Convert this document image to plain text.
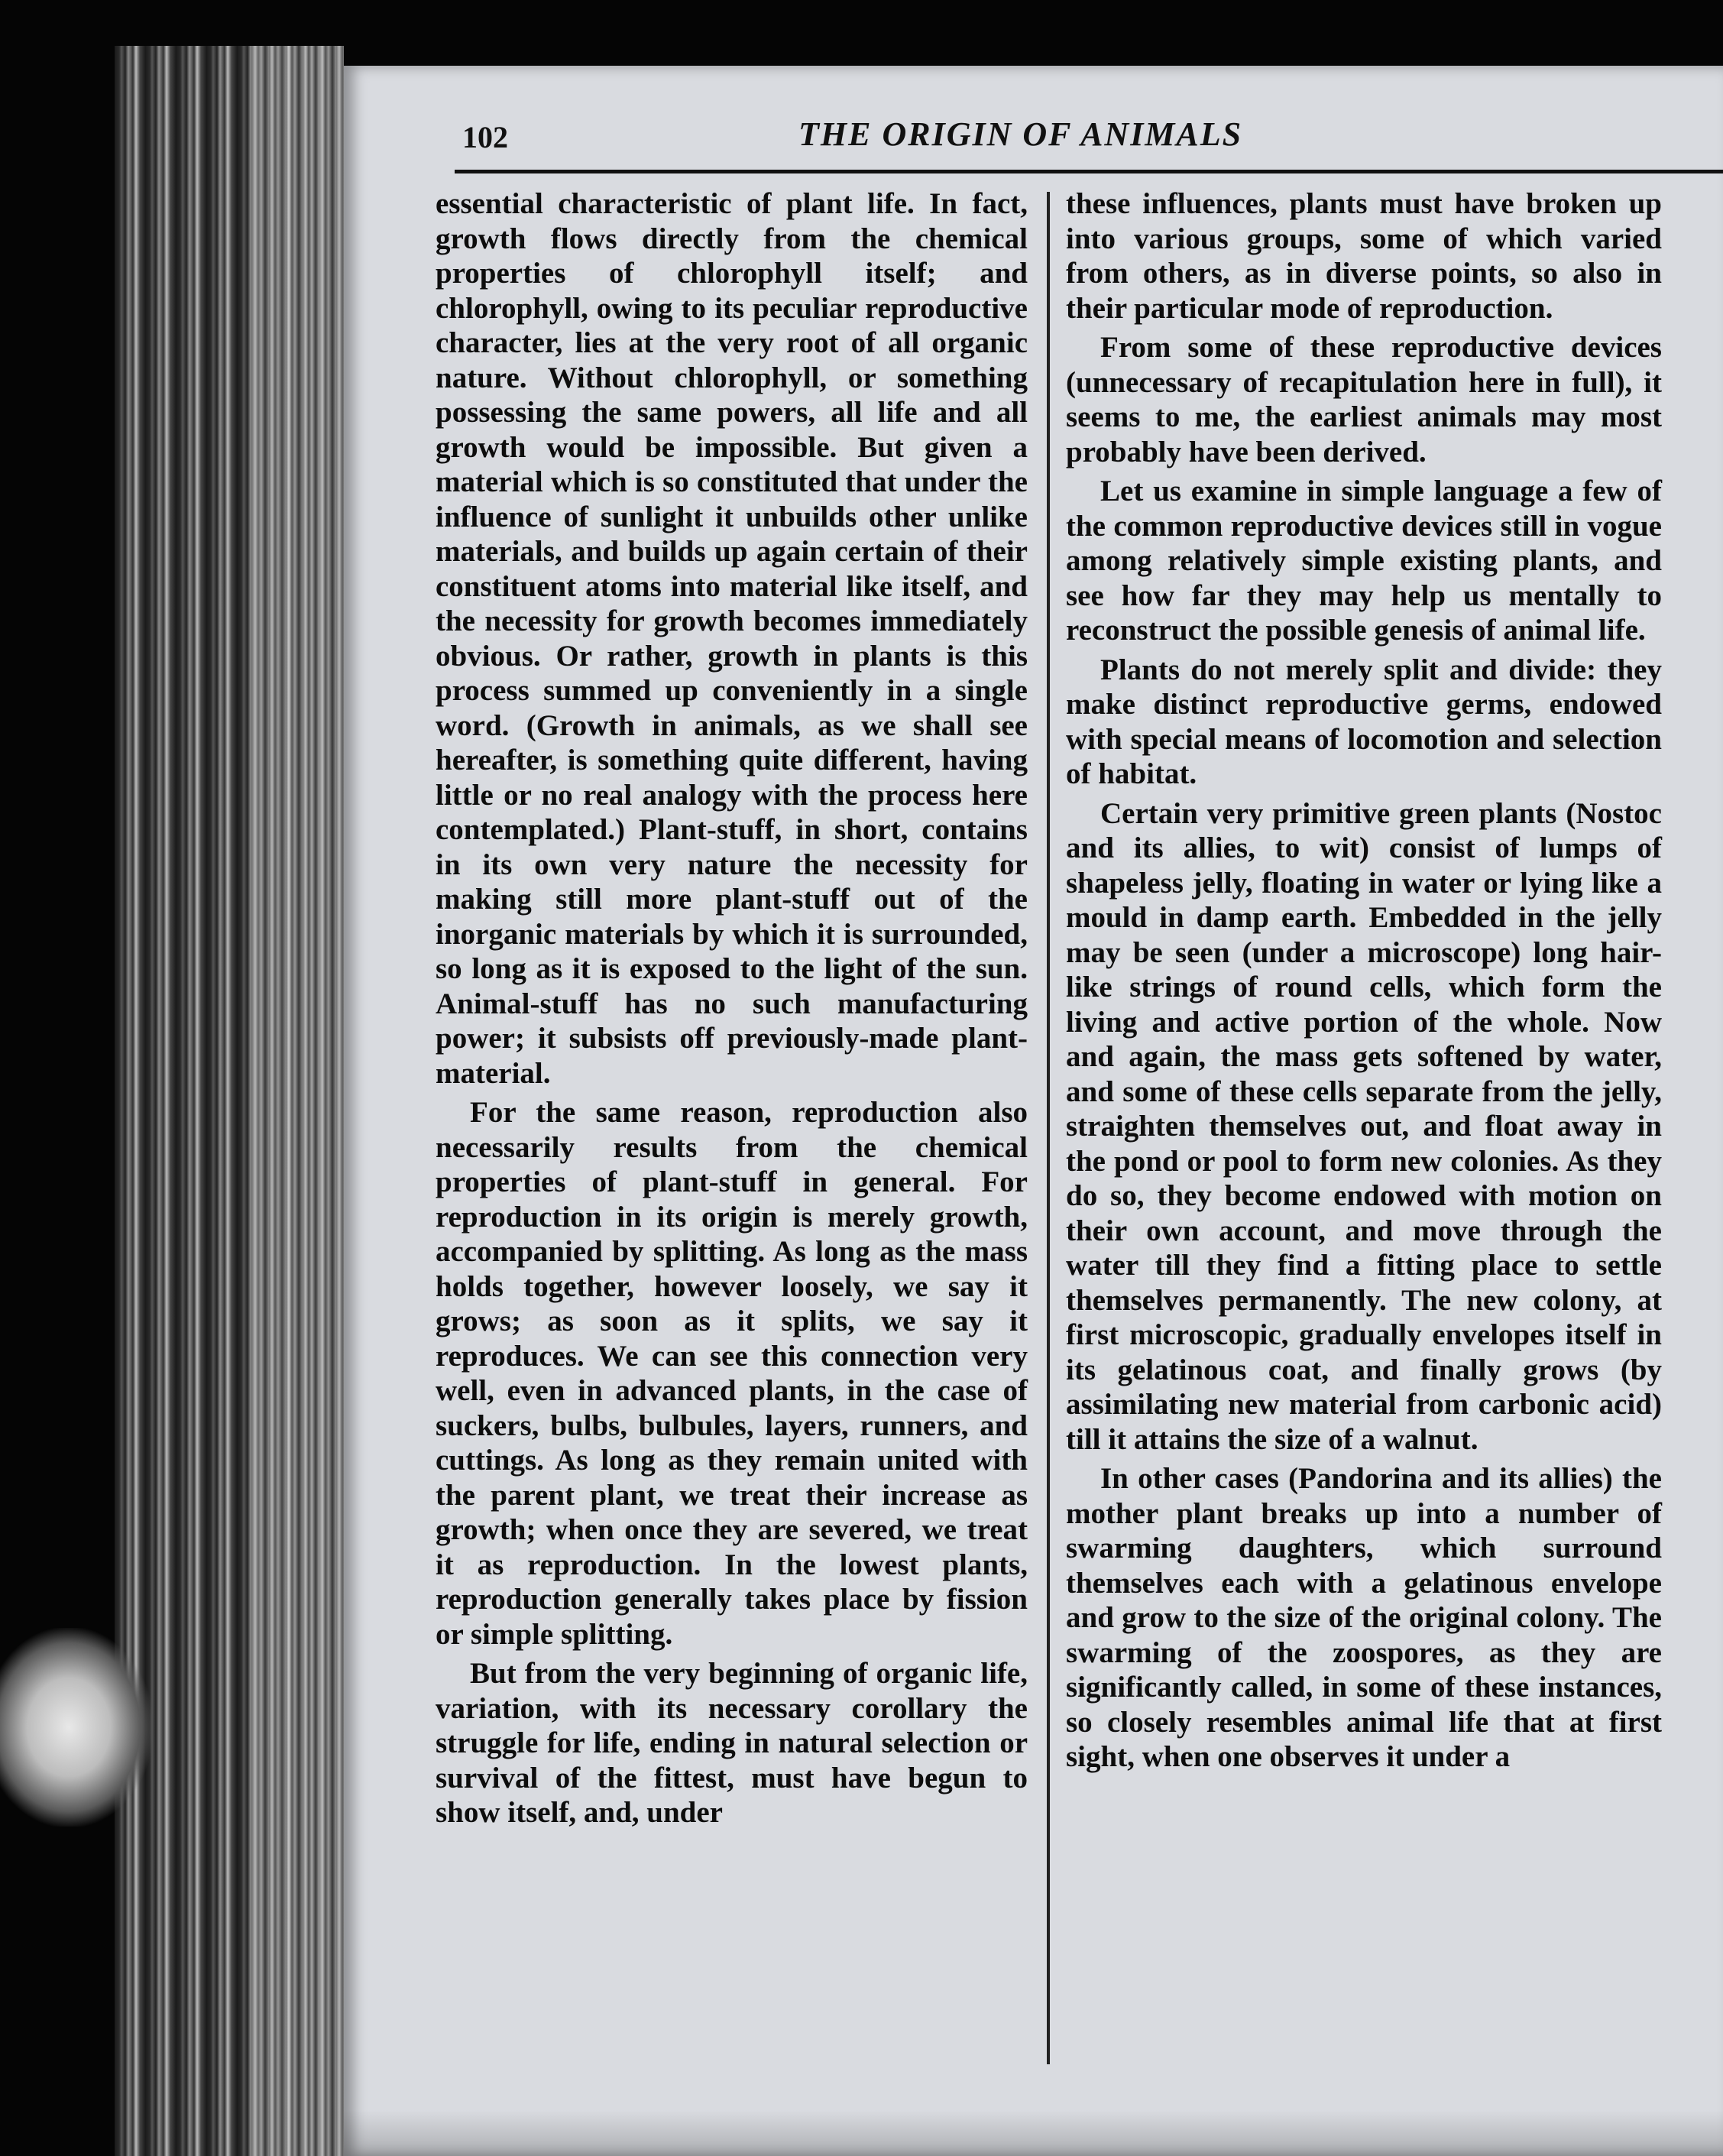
102	THE ORIGIN OF ANIMALS

essential characteristic of plant life. In fact, growth flows directly from the chemical properties of chlorophyll itself; and chlorophyll, owing to its peculiar reproductive character, lies at the very root of all organic nature. Without chlorophyll, or something possessing the same powers, all life and all growth would be impossible. But given a material which is so constituted that under the influence of sunlight it unbuilds other unlike materials, and builds up again certain of their constituent atoms into material like itself, and the necessity for growth becomes immediately obvious. Or rather, growth in plants is this process summed up conveniently in a single word. (Growth in animals, as we shall see hereafter, is something quite different, having little or no real analogy with the process here contemplated.) Plant-stuff, in short, contains in its own very nature the necessity for making still more plant-stuff out of the inorganic materials by which it is surrounded, so long as it is exposed to the light of the sun. Animal-stuff has no such manufacturing power; it subsists off previously-made plant-material.

For the same reason, reproduction also necessarily results from the chemical properties of plant-stuff in general. For reproduction in its origin is merely growth, accompanied by splitting. As long as the mass holds together, however loosely, we say it grows; as soon as it splits, we say it reproduces. We can see this connection very well, even in advanced plants, in the case of suckers, bulbs, bulbules, layers, runners, and cuttings. As long as they remain united with the parent plant, we treat their increase as growth; when once they are severed, we treat it as reproduction. In the lowest plants, reproduction generally takes place by fission or simple splitting.

But from the very beginning of organic life, variation, with its necessary corollary the struggle for life, ending in natural selection or survival of the fittest, must have begun to show itself, and, under

these influences, plants must have broken up into various groups, some of which varied from others, as in diverse points, so also in their particular mode of reproduction.

From some of these reproductive devices (unnecessary of recapitulation here in full), it seems to me, the earliest animals may most probably have been derived.

Let us examine in simple language a few of the common reproductive devices still in vogue among relatively simple existing plants, and see how far they may help us mentally to reconstruct the possible genesis of animal life.

Plants do not merely split and divide: they make distinct reproductive germs, endowed with special means of locomotion and selection of habitat.

Certain very primitive green plants (Nostoc and its allies, to wit) consist of lumps of shapeless jelly, floating in water or lying like a mould in damp earth. Embedded in the jelly may be seen (under a microscope) long hair-like strings of round cells, which form the living and active portion of the whole. Now and again, the mass gets softened by water, and some of these cells separate from the jelly, straighten themselves out, and float away in the pond or pool to form new colonies. As they do so, they become endowed with motion on their own account, and move through the water till they find a fitting place to settle themselves permanently. The new colony, at first microscopic, gradually envelopes itself in its gelatinous coat, and finally grows (by assimilating new material from carbonic acid) till it attains the size of a walnut.

In other cases (Pandorina and its allies) the mother plant breaks up into a number of swarming daughters, which surround themselves each with a gelatinous envelope and grow to the size of the original colony. The swarming of the zoospores, as they are significantly called, in some of these instances, so closely resembles animal life that at first sight, when one observes it under a
